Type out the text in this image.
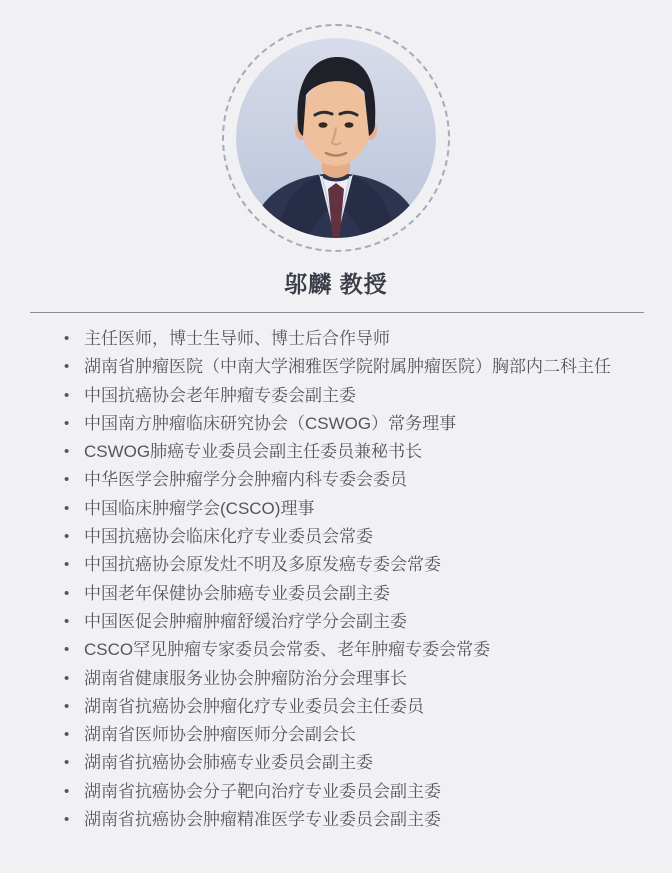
邬麟 教授
• 主任医师，博士生导师、博士后合作导师
• 湖南省肿瘤医院（中南大学湘雅医学院附属肿瘤医院）胸部内二科主任
• 中国抗癌协会老年肿瘤专委会副主委
• 中国南方肿瘤临床研究协会（CSWOG）常务理事
• CSWOG肺癌专业委员会副主任委员兼秘书长
• 中华医学会肿瘤学分会肿瘤内科专委会委员
• 中国临床肿瘤学会(CSCO)理事
• 中国抗癌协会临床化疗专业委员会常委
• 中国抗癌协会原发灶不明及多原发癌专委会常委
• 中国老年保健协会肺癌专业委员会副主委
• 中国医促会肿瘤肿瘤舒缓治疗学分会副主委
• CSCO罕见肿瘤专家委员会常委、老年肿瘤专委会常委
• 湖南省健康服务业协会肿瘤防治分会理事长
• 湖南省抗癌协会肿瘤化疗专业委员会主任委员
• 湖南省医师协会肿瘤医师分会副会长
• 湖南省抗癌协会肺癌专业委员会副主委
• 湖南省抗癌协会分子靶向治疗专业委员会副主委
• 湖南省抗癌协会肿瘤精准医学专业委员会副主委
